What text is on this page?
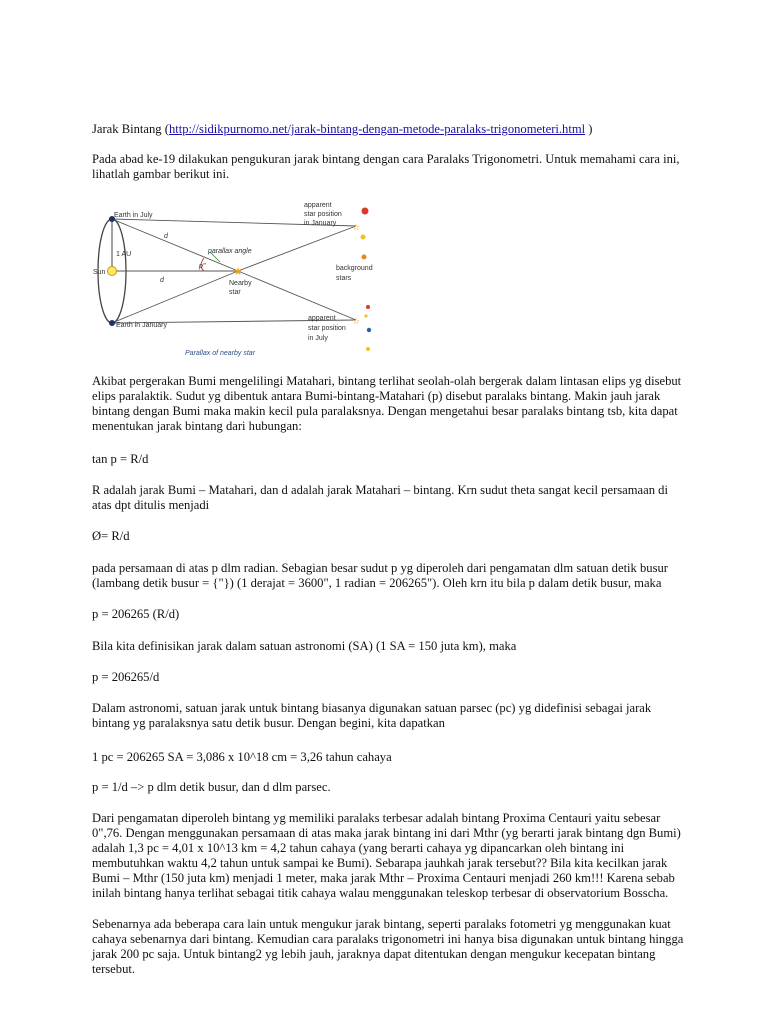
Jarak Bintang (http://sidikpurnomo.net/jarak-bintang-dengan-metode-paralaks-trigonometeri.html )

Pada abad ke-19 dilakukan pengukuran jarak bintang dengan cara Paralaks Trigonometri. Untuk memahami cara ini, lihatlah gambar berikut ini.

★
☆
☆
Earth in July
Earth in January
Sun
1 AU
d
d
parallax angle
p"
Nearby
star
apparent
star position
in January
background
stars
apparent
star position
in July
Parallax of nearby star

Akibat pergerakan Bumi mengelilingi Matahari, bintang terlihat seolah-olah bergerak dalam lintasan elips yg disebut elips paralaktik. Sudut yg dibentuk antara Bumi-bintang-Matahari (p) disebut paralaks bintang. Makin jauh jarak bintang dengan Bumi maka makin kecil pula paralaksnya. Dengan mengetahui besar paralaks bintang tsb, kita dapat menentukan jarak bintang dari hubungan:

tan p = R/d

R adalah jarak Bumi – Matahari, dan d adalah jarak Matahari – bintang. Krn sudut theta sangat kecil persamaan di atas dpt ditulis menjadi

Ø= R/d

pada persamaan di atas p dlm radian. Sebagian besar sudut p yg diperoleh dari pengamatan dlm satuan detik busur (lambang detik busur = {"}) (1 derajat = 3600", 1 radian = 206265"). Oleh krn itu bila p dalam detik busur, maka

p = 206265 (R/d)

Bila kita definisikan jarak dalam satuan astronomi (SA) (1 SA = 150 juta km), maka

p = 206265/d

Dalam astronomi, satuan jarak untuk bintang biasanya digunakan satuan parsec (pc) yg didefinisi sebagai jarak bintang yg paralaksnya satu detik busur. Dengan begini, kita dapatkan

1 pc = 206265 SA = 3,086 x 10^18 cm = 3,26 tahun cahaya

p = 1/d –> p dlm detik busur, dan d dlm parsec.

Dari pengamatan diperoleh bintang yg memiliki paralaks terbesar adalah bintang Proxima Centauri yaitu sebesar 0",76. Dengan menggunakan persamaan di atas maka jarak bintang ini dari Mthr (yg berarti jarak bintang dgn Bumi) adalah 1,3 pc = 4,01 x 10^13 km = 4,2 tahun cahaya (yang berarti cahaya yg dipancarkan oleh bintang ini membutuhkan waktu 4,2 tahun untuk sampai ke Bumi). Sebarapa jauhkah jarak tersebut?? Bila kita kecilkan jarak Bumi – Mthr (150 juta km) menjadi 1 meter, maka jarak Mthr – Proxima Centauri menjadi 260 km!!! Karena sebab inilah bintang hanya terlihat sebagai titik cahaya walau menggunakan teleskop terbesar di observatorium Bosscha.

Sebenarnya ada beberapa cara lain untuk mengukur jarak bintang, seperti paralaks fotometri yg menggunakan kuat cahaya sebenarnya dari bintang. Kemudian cara paralaks trigonometri ini hanya bisa digunakan untuk bintang hingga jarak 200 pc saja. Untuk bintang2 yg lebih jauh, jaraknya dapat ditentukan dengan mengukur kecepatan bintang tersebut.
